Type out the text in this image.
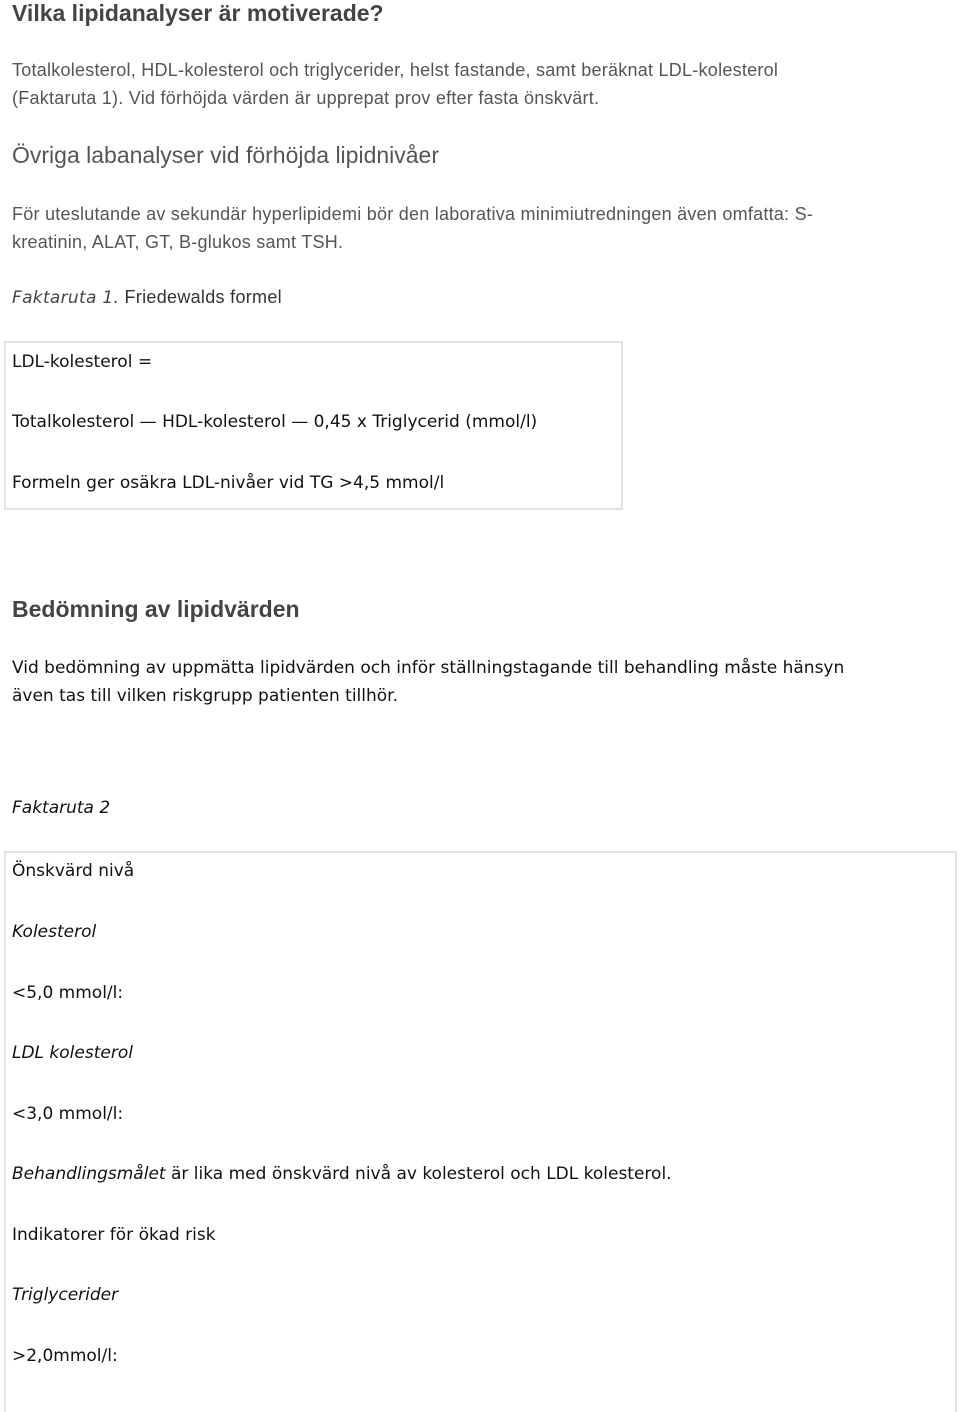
Vilka lipidanalyser är motiverade?
Totalkolesterol, HDL-kolesterol och triglycerider, helst fastande, samt beräknat LDL-kolesterol
(Faktaruta 1). Vid förhöjda värden är upprepat prov efter fasta önskvärt.
Övriga labanalyser vid förhöjda lipidnivåer
För uteslutande av sekundär hyperlipidemi bör den laborativa minimiutredningen även omfatta: S-
kreatinin, ALAT, GT, B-glukos samt TSH.
Faktaruta 1. Friedewalds formel
LDL-kolesterol =
Totalkolesterol — HDL-kolesterol — 0,45 x Triglycerid (mmol/l)
Formeln ger osäkra LDL-nivåer vid TG >4,5 mmol/l
Bedömning av lipidvärden
Vid bedömning av uppmätta lipidvärden och inför ställningstagande till behandling måste hänsyn
även tas till vilken riskgrupp patienten tillhör.
Faktaruta 2
Önskvärd nivå
Kolesterol
<5,0 mmol/l:
LDL kolesterol
<3,0 mmol/l:
Behandlingsmålet är lika med önskvärd nivå av kolesterol och LDL kolesterol.
Indikatorer för ökad risk
Triglycerider
>2,0mmol/l:
